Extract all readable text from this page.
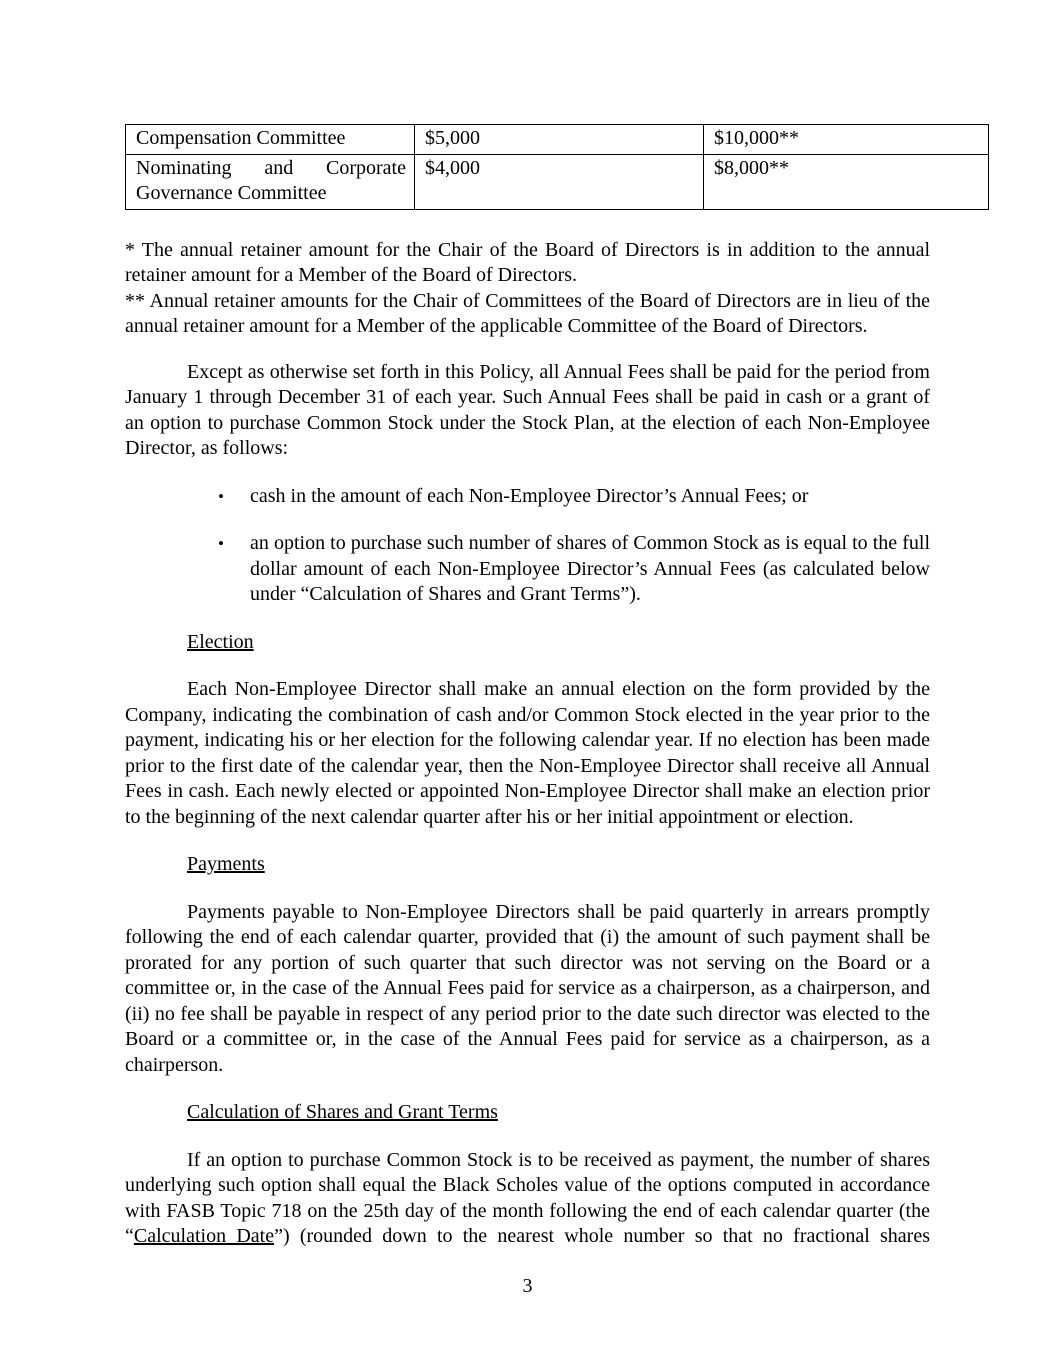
Compensation Committee	$5,000	$10,000**
Nominating and Corporate Governance Committee	$4,000	$8,000**

* The annual retainer amount for the Chair of the Board of Directors is in addition to the annual retainer amount for a Member of the Board of Directors.

** Annual retainer amounts for the Chair of Committees of the Board of Directors are in lieu of the annual retainer amount for a Member of the applicable Committee of the Board of Directors.

Except as otherwise set forth in this Policy, all Annual Fees shall be paid for the period from January 1 through December 31 of each year. Such Annual Fees shall be paid in cash or a grant of an option to purchase Common Stock under the Stock Plan, at the election of each Non-Employee Director, as follows:

•	cash in the amount of each Non-Employee Director’s Annual Fees; or
•	an option to purchase such number of shares of Common Stock as is equal to the full dollar amount of each Non-Employee Director’s Annual Fees (as calculated below under “Calculation of Shares and Grant Terms”).
Election

Each Non-Employee Director shall make an annual election on the form provided by the Company, indicating the combination of cash and/or Common Stock elected in the year prior to the payment, indicating his or her election for the following calendar year. If no election has been made prior to the first date of the calendar year, then the Non-Employee Director shall receive all Annual Fees in cash. Each newly elected or appointed Non-Employee Director shall make an election prior to the beginning of the next calendar quarter after his or her initial appointment or election.

Payments

Payments payable to Non-Employee Directors shall be paid quarterly in arrears promptly following the end of each calendar quarter, provided that (i) the amount of such payment shall be prorated for any portion of such quarter that such director was not serving on the Board or a committee or, in the case of the Annual Fees paid for service as a chairperson, as a chairperson, and (ii) no fee shall be payable in respect of any period prior to the date such director was elected to the Board or a committee or, in the case of the Annual Fees paid for service as a chairperson, as a chairperson.

Calculation of Shares and Grant Terms

If an option to purchase Common Stock is to be received as payment, the number of shares underlying such option shall equal the Black Scholes value of the options computed in accordance with FASB Topic 718 on the 25th day of the month following the end of each calendar quarter (the “Calculation Date”) (rounded down to the nearest whole number so that no fractional shares

3
